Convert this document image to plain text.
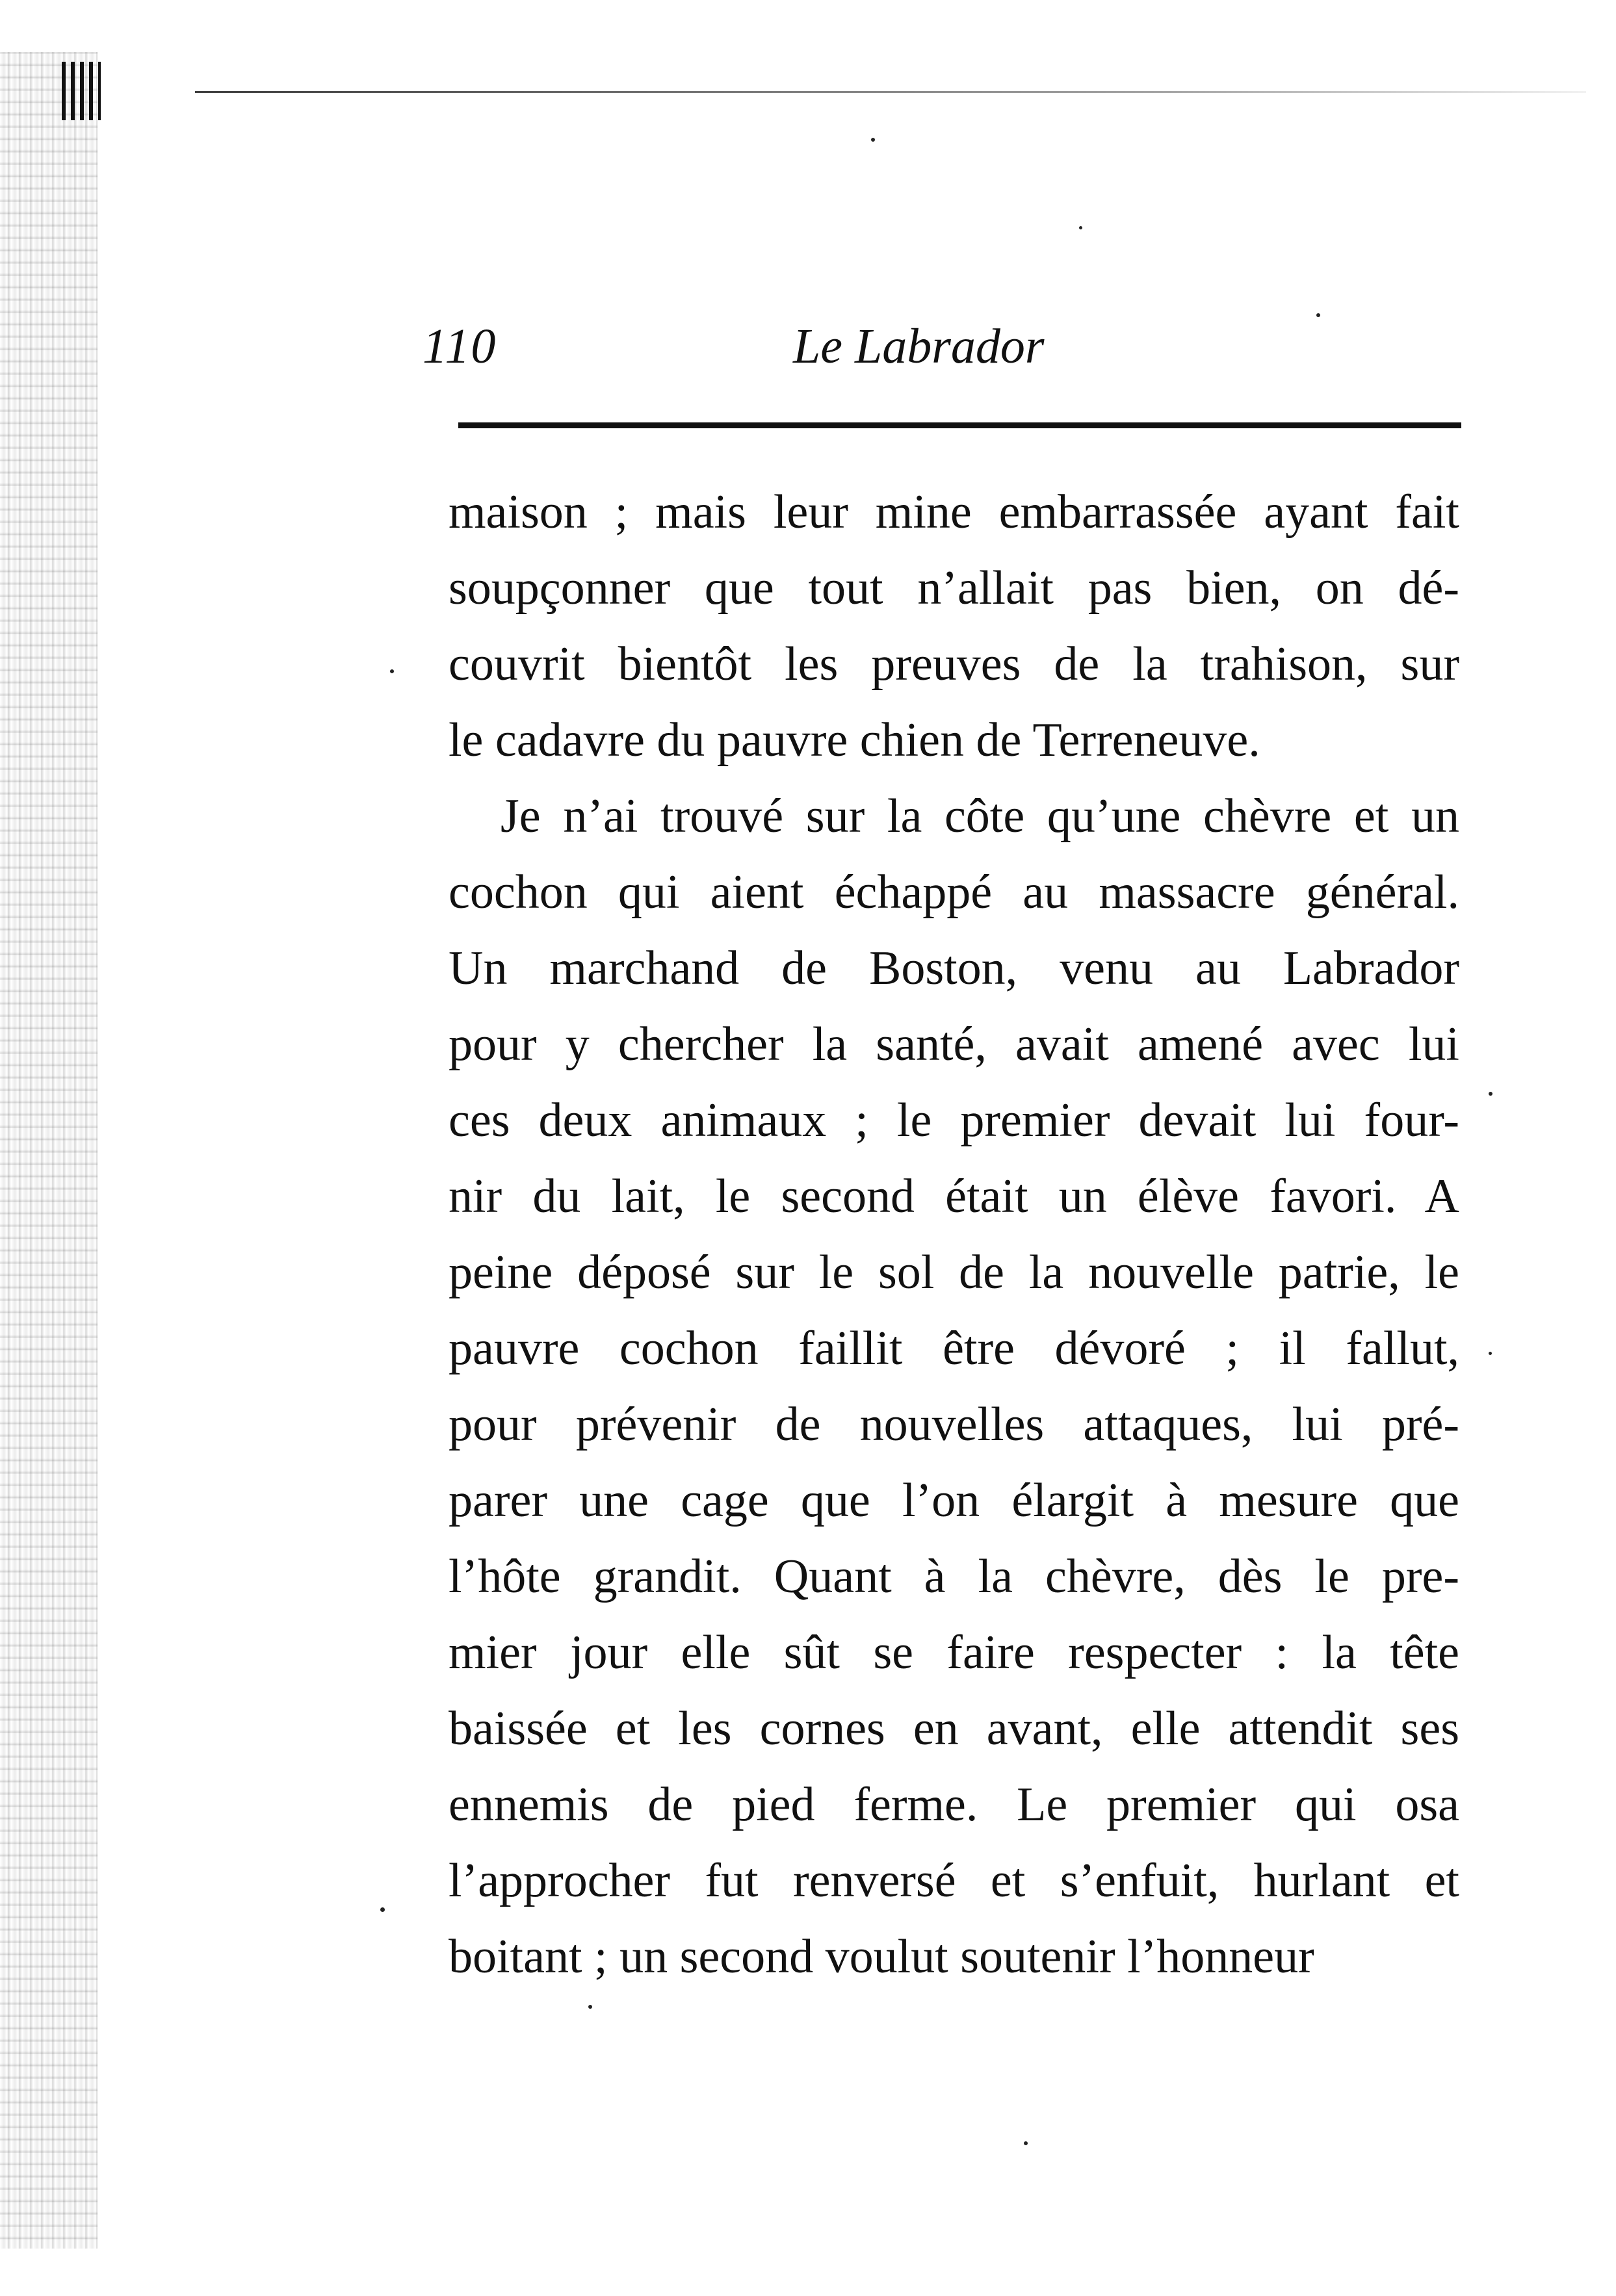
110	Le Labrador
maison ; mais leur mine embarrassée ayant fait
soupçonner que tout n’allait pas bien, on dé-
couvrit bientôt les preuves de la trahison, sur
le cadavre du pauvre chien de Terreneuve.
Je n’ai trouvé sur la côte qu’une chèvre et un
cochon qui aient échappé au massacre général.
Un marchand de Boston, venu au Labrador
pour y chercher la santé, avait amené avec lui
ces deux animaux ; le premier devait lui four-
nir du lait, le second était un élève favori. A
peine déposé sur le sol de la nouvelle patrie, le
pauvre cochon faillit être dévoré ; il fallut,
pour prévenir de nouvelles attaques, lui pré-
parer une cage que l’on élargit à mesure que
l’hôte grandit. Quant à la chèvre, dès le pre-
mier jour elle sût se faire respecter : la tête
baissée et les cornes en avant, elle attendit ses
ennemis de pied ferme. Le premier qui osa
l’approcher fut renversé et s’enfuit, hurlant et
boitant ; un second voulut soutenir l’honneur
